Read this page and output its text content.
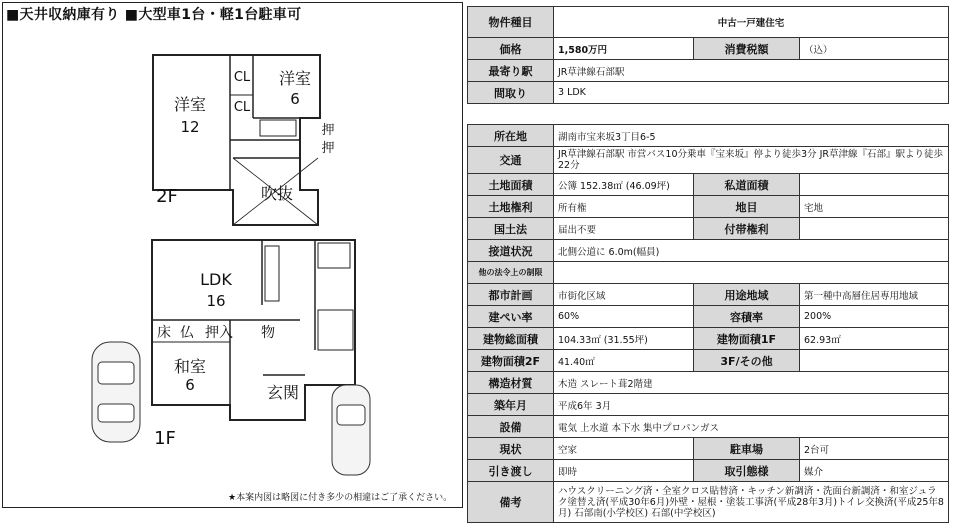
■天井収納庫有り ■大型車1台・軽1台駐車可
洋室
12
洋室
6
CL
CL
押
押
吹抜
2F
LDK
16
床 仏 押入 物
和室
6	玄関
1F
★本案内図は略図に付き多少の相違はご了承ください。
物件種目	中古一戸建住宅		
価格	1,580万円	消費税額	（込）
最寄り駅	JR草津線石部駅		
間取り	3 LDK		
所在地	湖南市宝来坂3丁目6-5		
交通	JR草津線石部駅 市営バス10分乗車『宝来坂』停より徒歩3分 JR草津線『石部』駅より徒歩22分		
土地面積	公簿 152.38㎡ (46.09坪)	私道面積	
土地権利	所有権	地目	宅地
国土法	届出不要	付帯権利	
接道状況	北側公道に 6.0m(幅員)		
他の法令上の制限			
都市計画	市街化区域	用途地域	第一種中高層住居専用地域
建ぺい率	60%	容積率	200%
建物総面積	104.33㎡ (31.55坪)	建物面積1F	62.93㎡
建物面積2F	41.40㎡	3F/その他	
構造材質	木造 スレート葺2階建		
築年月	平成6年 3月		
設備	電気 上水道 本下水 集中プロパンガス		
現状	空家	駐車場	2台可
引き渡し	即時	取引態様	媒介
備考	ハウスクリーニング済・全室クロス貼替済・キッチン新調済・洗面台新調済・和室ジュラク塗替え済(平成30年6月)外壁・屋根・塗装工事済(平成28年3月)トイレ交換済(平成25年8月) 石部南(小学校区) 石部(中学校区)		
